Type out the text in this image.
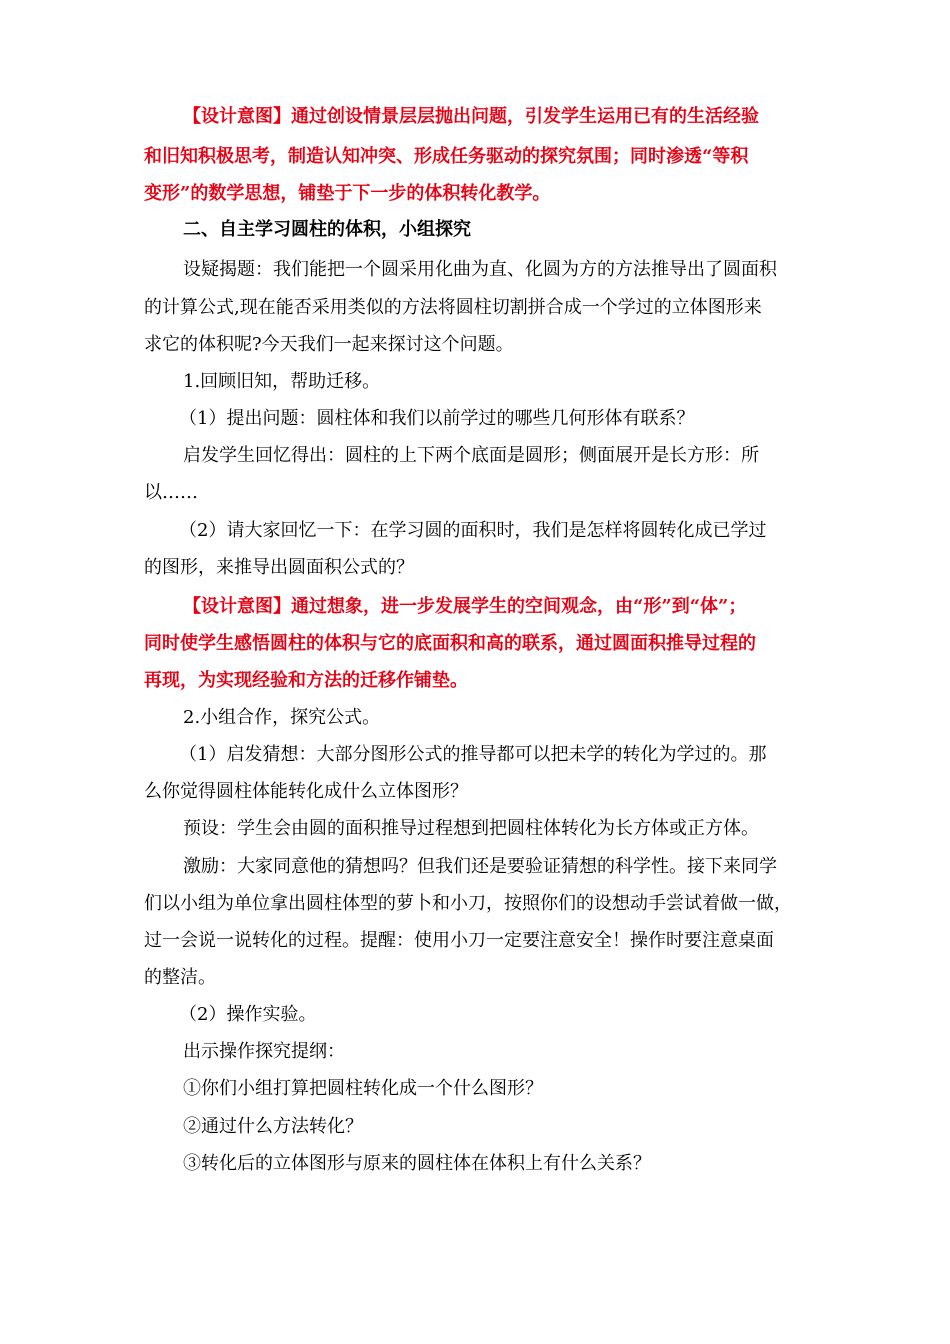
【设计意图】通过创设情景层层抛出问题，引发学生运用已有的生活经验
和旧知积极思考，制造认知冲突、形成任务驱动的探究氛围；同时渗透“等积
变形”的数学思想，铺垫于下一步的体积转化教学。
二、自主学习圆柱的体积，小组探究
设疑揭题：我们能把一个圆采用化曲为直、化圆为方的方法推导出了圆面积
的计算公式,现在能否采用类似的方法将圆柱切割拼合成一个学过的立体图形来
求它的体积呢?今天我们一起来探讨这个问题。
1.回顾旧知，帮助迁移。
（1）提出问题：圆柱体和我们以前学过的哪些几何形体有联系？
启发学生回忆得出：圆柱的上下两个底面是圆形；侧面展开是长方形：所
以……
（2）请大家回忆一下：在学习圆的面积时，我们是怎样将圆转化成已学过
的图形，来推导出圆面积公式的？
【设计意图】通过想象，进一步发展学生的空间观念，由“形”到“体”；
同时使学生感悟圆柱的体积与它的底面积和高的联系，通过圆面积推导过程的
再现，为实现经验和方法的迁移作铺垫。
2.小组合作，探究公式。
（1）启发猜想：大部分图形公式的推导都可以把未学的转化为学过的。那
么你觉得圆柱体能转化成什么立体图形？
预设：学生会由圆的面积推导过程想到把圆柱体转化为长方体或正方体。
激励：大家同意他的猜想吗？但我们还是要验证猜想的科学性。接下来同学
们以小组为单位拿出圆柱体型的萝卜和小刀，按照你们的设想动手尝试着做一做，
过一会说一说转化的过程。提醒：使用小刀一定要注意安全！操作时要注意桌面
的整洁。
（2）操作实验。
出示操作探究提纲：
①你们小组打算把圆柱转化成一个什么图形？
②通过什么方法转化？
③转化后的立体图形与原来的圆柱体在体积上有什么关系？
